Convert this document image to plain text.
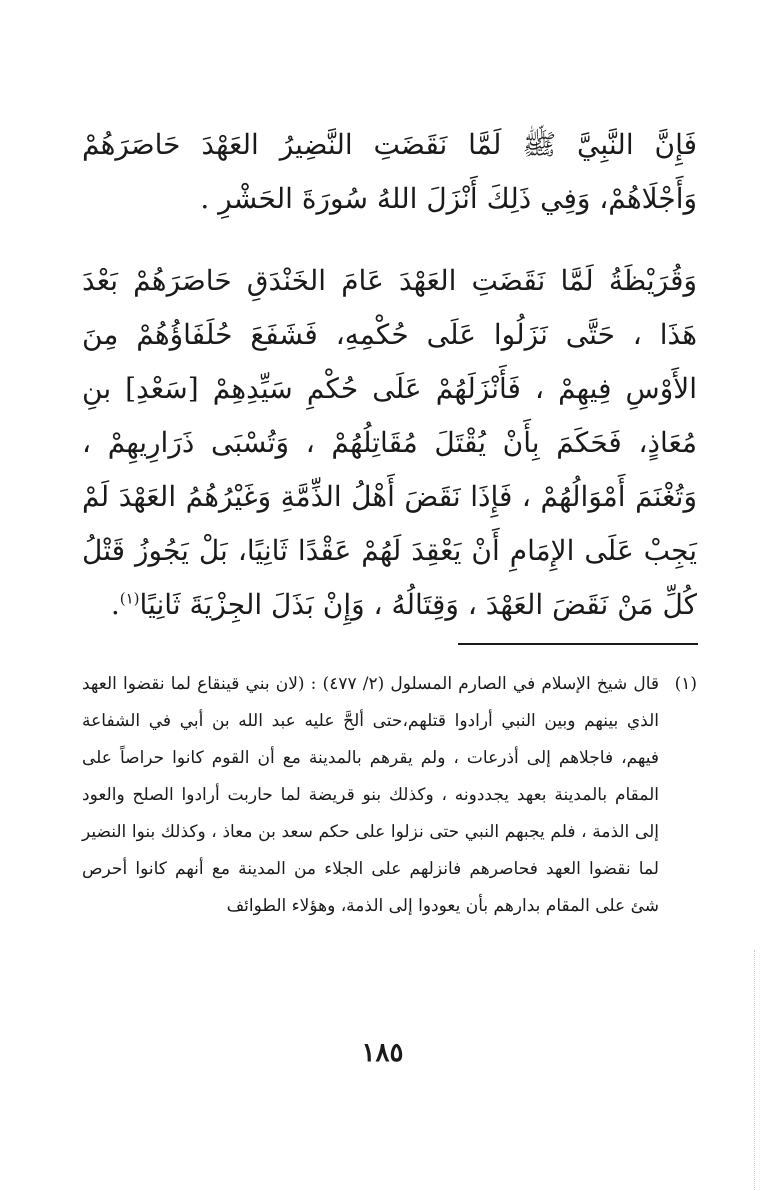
فَإِنَّ النَّبِيَّ ﷺ لَمَّا نَقَضَتِ النَّضِيرُ العَهْدَ حَاصَرَهُمْ وَأَجْلَاهُمْ، وَفِي ذَلِكَ أَنْزَلَ اللهُ سُورَةَ الحَشْرِ .

وَقُرَيْظَةُ لَمَّا نَقَضَتِ العَهْدَ عَامَ الخَنْدَقِ حَاصَرَهُمْ بَعْدَ هَذَا ، حَتَّى نَزَلُوا عَلَى حُكْمِهِ، فَشَفَعَ حُلَفَاؤُهُمْ مِنَ الأَوْسِ فِيهِمْ ، فَأَنْزَلَهُمْ عَلَى حُكْمِ سَيِّدِهِمْ [سَعْدِ] بنِ مُعَاذٍ، فَحَكَمَ بِأَنْ يُقْتَلَ مُقَاتِلُهُمْ ، وَتُسْبَى ذَرَارِيهِمْ ، وَتُغْنَمَ أَمْوَالُهُمْ ، فَإِذَا نَقَضَ أَهْلُ الذِّمَّةِ وَغَيْرُهُمُ العَهْدَ لَمْ يَجِبْ عَلَى الإِمَامِ أَنْ يَعْقِدَ لَهُمْ عَقْدًا ثَانِيًا، بَلْ يَجُوزُ قَتْلُ كُلِّ مَنْ نَقَضَ العَهْدَ ، وَقِتَالُهُ ، وَإِنْ بَذَلَ الجِزْيَةَ ثَانِيًا$^{(١)}$.

(١)
قال شيخ الإسلام في الصارم المسلول (٢/ ٤٧٧) : (لان بني قينقاع لما نقضوا العهد الذي بينهم وبين النبي أرادوا قتلهم،حتى ألحَّ عليه عبد الله بن أبي في الشفاعة فيهم، فاجلاهم إلى أذرعات ، ولم يقرهم بالمدينة مع أن القوم كانوا حراصاً على المقام بالمدينة بعهد يجددونه ، وكذلك بنو قريضة لما حاربت أرادوا الصلح والعود إلى الذمة ، فلم يجبهم النبي حتى نزلوا على حكم سعد بن معاذ ، وكذلك بنوا النضير لما نقضوا العهد فحاصرهم فانزلهم على الجلاء من المدينة مع أنهم كانوا أحرص شئ على المقام بدارهم بأن يعودوا إلى الذمة، وهؤلاء الطوائف
١٨٥
